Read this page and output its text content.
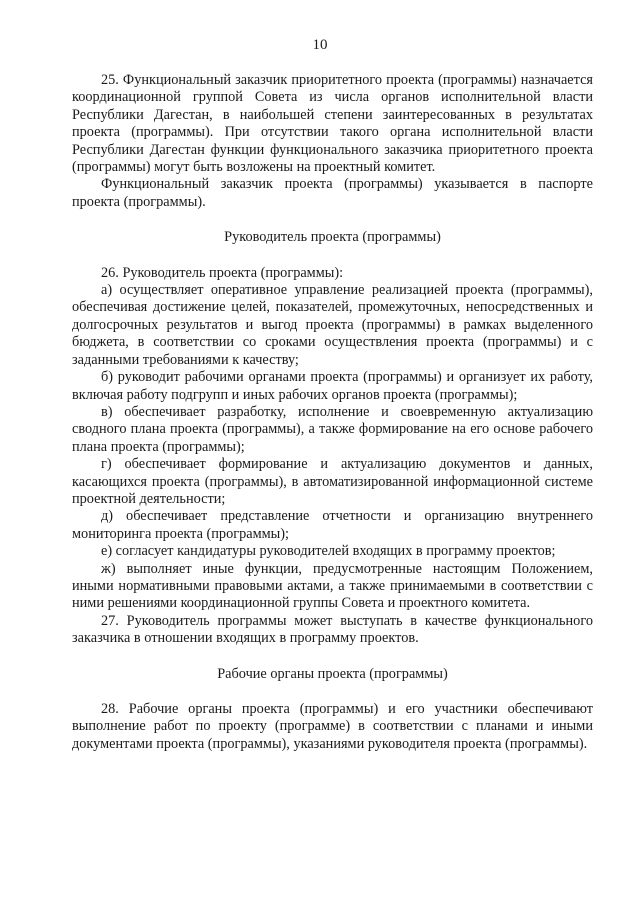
10

25. Функциональный заказчик приоритетного проекта (программы) назначается координационной группой Совета из числа органов исполнительной власти Республики Дагестан, в наибольшей степени заинтересованных в результатах проекта (программы). При отсутствии такого органа исполнительной власти Республики Дагестан функции функционального заказчика приоритетного проекта (программы) могут быть возложены на проектный комитет.

Функциональный заказчик проекта (программы) указывается в паспорте проекта (программы).

Руководитель проекта (программы)

26. Руководитель проекта (программы):

а) осуществляет оперативное управление реализацией проекта (программы), обеспечивая достижение целей, показателей, промежуточных, непосредственных и долгосрочных результатов и выгод проекта (программы) в рамках выделенного бюджета, в соответствии со сроками осуществления проекта (программы) и с заданными требованиями к качеству;

б) руководит рабочими органами проекта (программы) и организует их работу, включая работу подгрупп и иных рабочих органов проекта (программы);

в) обеспечивает разработку, исполнение и своевременную актуализацию сводного плана проекта (программы), а также формирование на его основе рабочего плана проекта (программы);

г) обеспечивает формирование и актуализацию документов и данных, касающихся проекта (программы), в автоматизированной информационной системе проектной деятельности;

д) обеспечивает представление отчетности и организацию внутреннего мониторинга проекта (программы);

е) согласует кандидатуры руководителей входящих в программу проектов;

ж) выполняет иные функции, предусмотренные настоящим Положением, иными нормативными правовыми актами, а также принимаемыми в соответствии с ними решениями координационной группы Совета и проектного комитета.

27. Руководитель программы может выступать в качестве функционального заказчика в отношении входящих в программу проектов.

Рабочие органы проекта (программы)

28. Рабочие органы проекта (программы) и его участники обеспечивают выполнение работ по проекту (программе) в соответствии с планами и иными документами проекта (программы), указаниями руководителя проекта (программы).
